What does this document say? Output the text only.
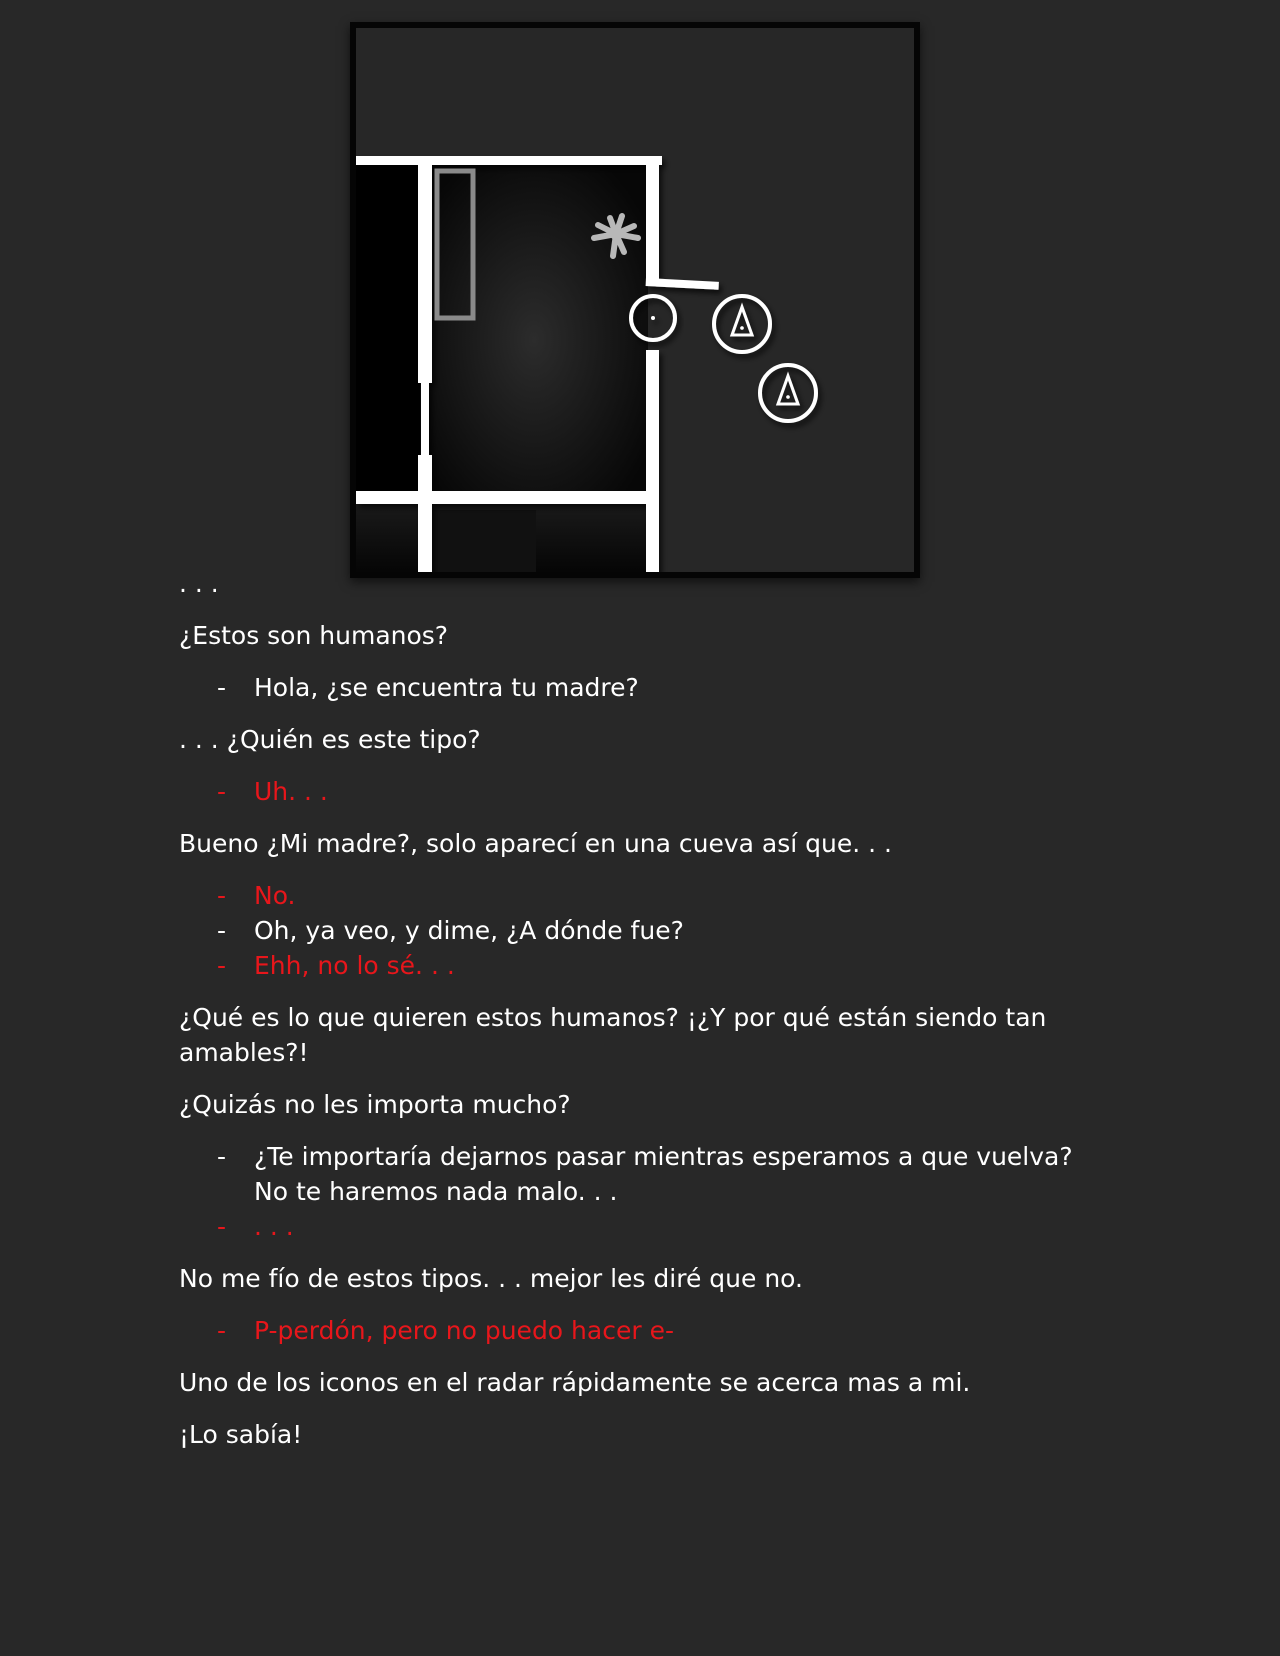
. . .

¿Estos son humanos?

- Hola, ¿se encuentra tu madre?

. . . ¿Quién es este tipo?

- Uh. . .

Bueno ¿Mi madre?, solo aparecí en una cueva así que. . .

- No.
- Oh, ya veo, y dime, ¿A dónde fue?
- Ehh, no lo sé. . .

¿Qué es lo que quieren estos humanos? ¡¿Y por qué están siendo tan amables?!

¿Quizás no les importa mucho?

- ¿Te importaría dejarnos pasar mientras esperamos a que vuelva? No te haremos nada malo. . .
- . . .

No me fío de estos tipos. . . mejor les diré que no.

- P-perdón, pero no puedo hacer e-

Uno de los iconos en el radar rápidamente se acerca mas a mi.

¡Lo sabía!
